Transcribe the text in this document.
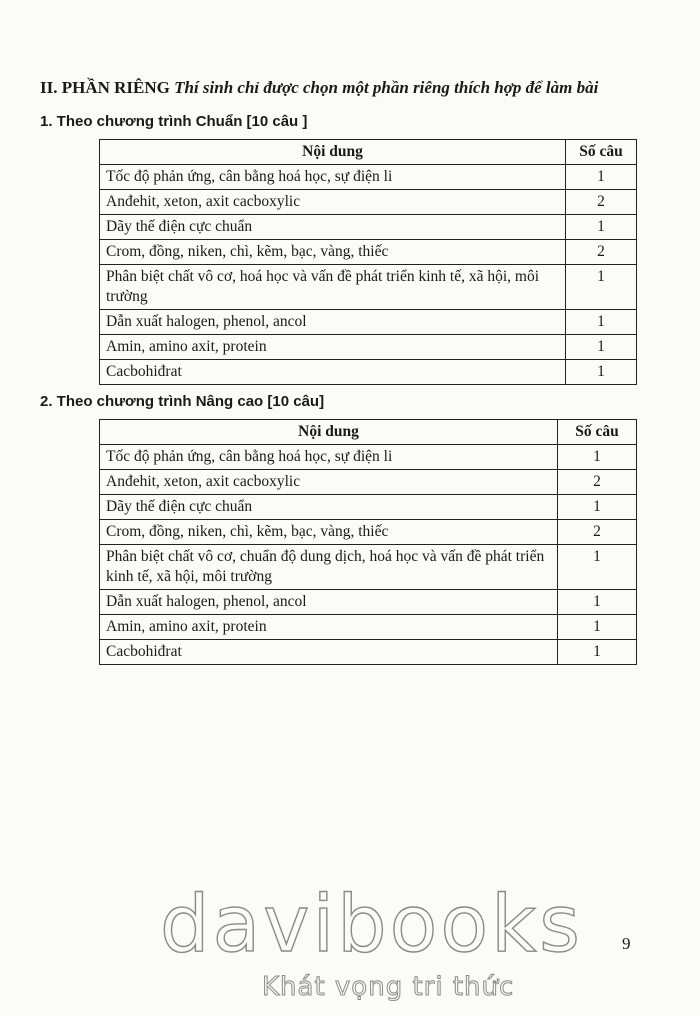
II. PHẦN RIÊNG Thí sinh chỉ được chọn một phần riêng thích hợp để làm bài
1. Theo chương trình Chuẩn [10 câu ]
Nội dung	Số câu
Tốc độ phản ứng, cân bằng hoá học, sự điện li	1
Anđehit, xeton, axit cacboxylic	2
Dãy thế điện cực chuẩn	1
Crom, đồng, niken, chì, kẽm, bạc, vàng, thiếc	2
Phân biệt chất vô cơ, hoá học và vấn đề phát triển kinh tế, xã hội, môi trường	1
Dẫn xuất halogen, phenol, ancol	1
Amin, amino axit, protein	1
Cacbohiđrat	1
2. Theo chương trình Nâng cao [10 câu]
Nội dung	Số câu
Tốc độ phản ứng, cân bằng hoá học, sự điện li	1
Anđehit, xeton, axit cacboxylic	2
Dãy thế điện cực chuẩn	1
Crom, đồng, niken, chì, kẽm, bạc, vàng, thiếc	2
Phân biệt chất vô cơ, chuẩn độ dung dịch, hoá học và vấn đề phát triển kinh tế, xã hội, môi trường	1
Dẫn xuất halogen, phenol, ancol	1
Amin, amino axit, protein	1
Cacbohiđrat	1
davibooks
Khát vọng tri thức
9
